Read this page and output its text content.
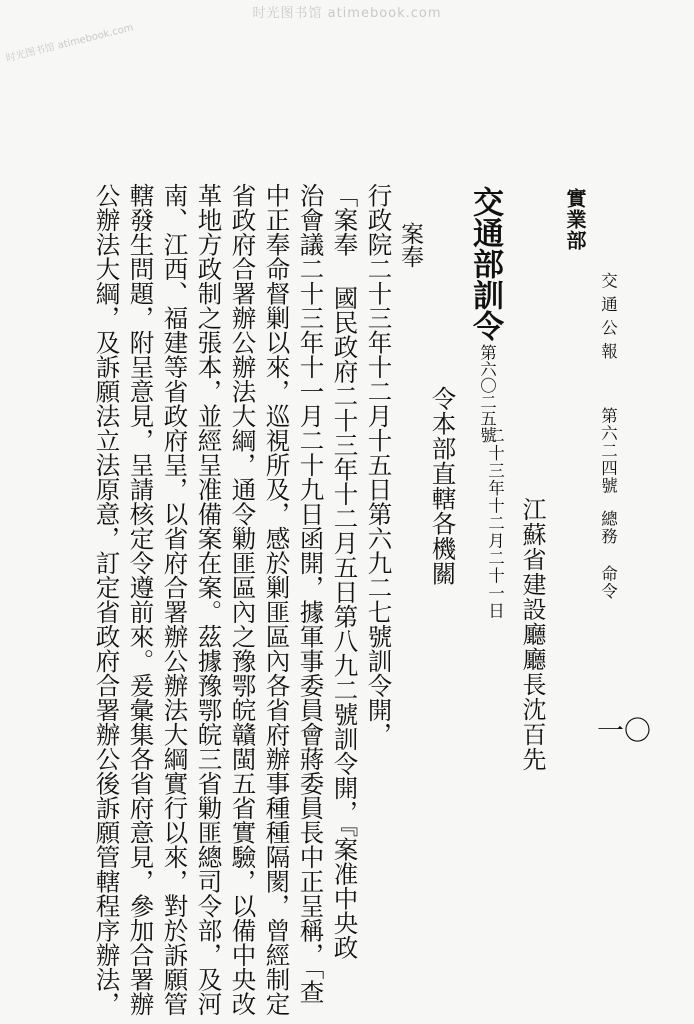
时光图书馆 atimebook.com
时光图书馆 atimebook.com
交通公報
第六二四號
總務 命令
一〇
實業部
江蘇省建設廳廳長沈百先
二十三年十二月二十一日
交通部訓令
第六〇二五號
令本部直轄各機關
案奉
行政院二十三年十二月十五日第六九二七號訓令開，
「案奉 國民政府二十三年十二月五日第八九二號訓令開，『案准中央政
治會議二十三年十一月二十九日函開，據軍事委員會蔣委員長中正呈稱，「查
中正奉命督剿以來，巡視所及，感於剿匪區內各省府辦事種種隔閡，曾經制定
省政府合署辦公辦法大綱，通令勦匪區內之豫鄂皖贛閩五省實驗，以備中央改
革地方政制之張本，並經呈准備案在案。茲據豫鄂皖三省勦匪總司令部，及河
南、江西、福建等省政府呈，以省府合署辦公辦法大綱實行以來，對於訴願管
轄發生問題，附呈意見，呈請核定令遵前來。爰彙集各省府意見，參加合署辦
公辦法大綱，及訴願法立法原意，訂定省政府合署辦公後訴願管轄程序辦法，
